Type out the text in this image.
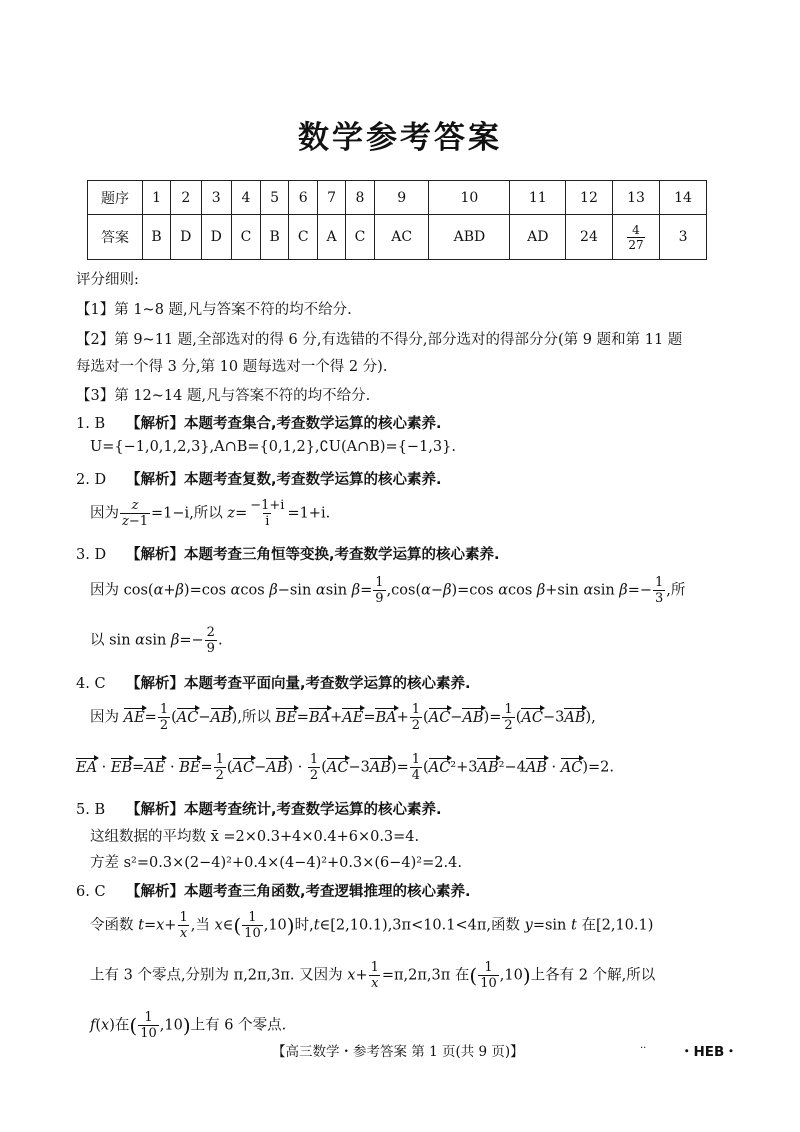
数学参考答案
题序	1	2	3	4	5	6	7	8	9	10	11	12	13	14
答案	B	D	D	C	B	C	A	C	AC	ABD	AD	24	$\frac{4}{27}$	3
评分细则:
【1】第 1~8 题,凡与答案不符的均不给分.
【2】第 9~11 题,全部选对的得 6 分,有选错的不得分,部分选对的得部分分(第 9 题和第 11 题
每选对一个得 3 分,第 10 题每选对一个得 2 分).
【3】第 12~14 题,凡与答案不符的均不给分.
1. B 【解析】本题考查集合,考查数学运算的核心素养.
U={−1,0,1,2,3},A∩B={0,1,2},∁U(A∩B)={−1,3}.
2. D 【解析】本题考查复数,考查数学运算的核心素养.
因为 $\frac{z}{z-1} =1-i$,所以 $z= \frac{-1+i}{i} =1+i$.
3. D 【解析】本题考查三角恒等变换,考查数学运算的核心素养.
因为 cos(α+β)=cos αcos β−sin αsin $\beta= \frac{1}{9} ,\cos(\alpha-\beta)=\cos$ αcos β+sin αsin $\beta=- \frac{1}{3}$ ,所
以 sin αsin $\beta=- \frac{2}{9}$ .
4. C 【解析】本题考查平面向量,考查数学运算的核心素养.
因为 $AE= \frac{1}{2} (AC-AB)$,所以 $BE=BA+AE=BA+ \frac{1}{2} (AC-AB)= \frac{1}{2} (AC-3AB)$,
EA · $EB=AE \cdot BE= \frac{1}{2} (AC-AB) \cdot \frac{1}{2} (AC-3AB)= \frac{1}{4} (AC^2+3AB^2-4AB \cdot AC)=2$.
5. B 【解析】本题考查统计,考查数学运算的核心素养.
这组数据的平均数 x̄ =2×0.3+4×0.4+6×0.3=4.
方差 s²=0.3×(2−4)²+0.4×(4−4)²+0.3×(6−4)²=2.4.
6. C 【解析】本题考查三角函数,考查逻辑推理的核心素养.
令函数 $t=x+ \frac{1}{x}$ ,当 x∈( $\frac{1}{10} ,10$)时,t∈[2,10.1),3π<10.1<4π,函数 y=sin t 在[2,10.1)
上有 3 个零点,分别为 π,2π,3π. 又因为 $x+ \frac{1}{x} =\pi,2\pi,3\pi$ 在( $\frac{1}{10} ,10$)上各有 2 个解,所以
f(x)在( $\frac{1}{10} ,10$)上有 6 个零点.
【高三数学・参考答案 第 1 页(共 9 页)】	.. ・HEB・
